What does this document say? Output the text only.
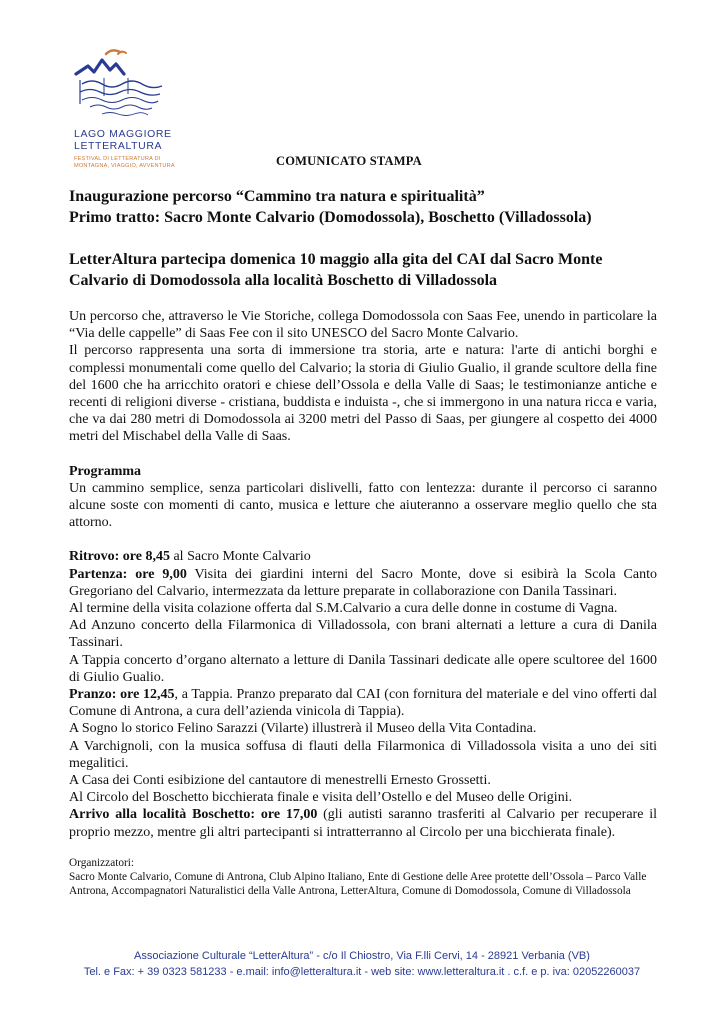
LAGO MAGGIORE
LETTERALTURA
FESTIVAL DI LETTERATURA DI
MONTAGNA, VIAGGIO, AVVENTURA	COMUNICATO STAMPA

Inaugurazione percorso “Cammino tra natura e spiritualità”
Primo tratto: Sacro Monte Calvario (Domodossola), Boschetto (Villadossola)

LetterAltura partecipa domenica 10 maggio alla gita del CAI dal Sacro Monte Calvario di Domodossola alla località Boschetto di Villadossola

Un percorso che, attraverso le Vie Storiche, collega Domodossola con Saas Fee, unendo in particolare la “Via delle cappelle” di Saas Fee con il sito UNESCO del Sacro Monte Calvario.

Il percorso rappresenta una sorta di immersione tra storia, arte e natura: l'arte di antichi borghi e complessi monumentali come quello del Calvario; la storia di Giulio Gualio, il grande scultore della fine del 1600 che ha arricchito oratori e chiese dell’Ossola e della Valle di Saas; le testimonianze antiche e recenti di religioni diverse - cristiana, buddista e induista -, che si immergono in una natura ricca e varia, che va dai 280 metri di Domodossola ai 3200 metri del Passo di Saas, per giungere al cospetto dei 4000 metri del Mischabel della Valle di Saas.

Programma

Un cammino semplice, senza particolari dislivelli, fatto con lentezza: durante il percorso ci saranno alcune soste con momenti di canto, musica e letture che aiuteranno a osservare meglio quello che sta attorno.

Ritrovo: ore 8,45 al Sacro Monte Calvario

Partenza: ore 9,00 Visita dei giardini interni del Sacro Monte, dove si esibirà la Scola Canto Gregoriano del Calvario, intermezzata da letture preparate in collaborazione con Danila Tassinari.

Al termine della visita colazione offerta dal S.M.Calvario a cura delle donne in costume di Vagna.

Ad Anzuno concerto della Filarmonica di Villadossola, con brani alternati a letture a cura di Danila Tassinari.

A Tappia concerto d’organo alternato a letture di Danila Tassinari dedicate alle opere scultoree del 1600 di Giulio Gualio.

Pranzo: ore 12,45, a Tappia. Pranzo preparato dal CAI (con fornitura del materiale e del vino offerti dal Comune di Antrona, a cura dell’azienda vinicola di Tappia).

A Sogno lo storico Felino Sarazzi (Vilarte) illustrerà il Museo della Vita Contadina.

A Varchignoli, con la musica soffusa di flauti della Filarmonica di Villadossola visita a uno dei siti megalitici.

A Casa dei Conti esibizione del cantautore di menestrelli Ernesto Grossetti.

Al Circolo del Boschetto bicchierata finale e visita dell’Ostello e del Museo delle Origini.

Arrivo alla località Boschetto: ore 17,00 (gli autisti saranno trasferiti al Calvario per recuperare il proprio mezzo, mentre gli altri partecipanti si intratterranno al Circolo per una bicchierata finale).

Organizzatori:
Sacro Monte Calvario, Comune di Antrona, Club Alpino Italiano, Ente di Gestione delle Aree protette dell’Ossola – Parco Valle Antrona, Accompagnatori Naturalistici della Valle Antrona, LetterAltura, Comune di Domodossola, Comune di Villadossola
Associazione Culturale “LetterAltura” - c/o Il Chiostro, Via F.lli Cervi, 14 - 28921 Verbania (VB)
Tel. e Fax: + 39 0323 581233 - e.mail: info@letteraltura.it - web site: www.letteraltura.it . c.f. e p. iva: 02052260037
